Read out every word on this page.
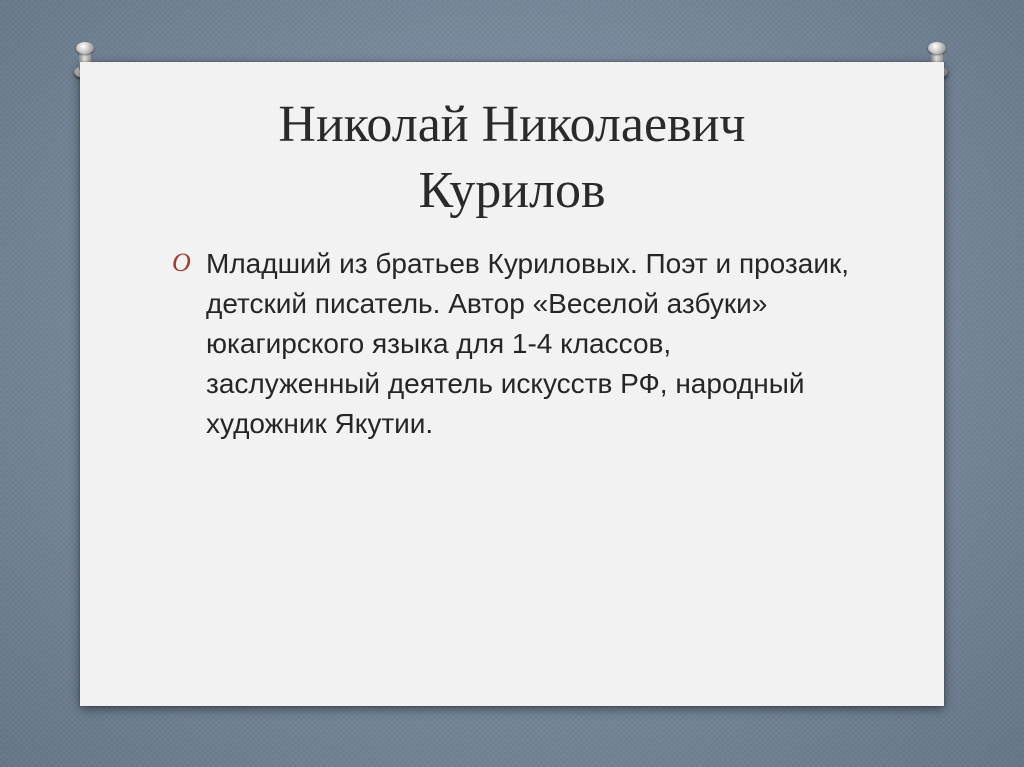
Николай Николаевич
Курилов
O Младший из братьев Куриловых. Поэт и прозаик, детский писатель. Автор «Веселой азбуки» юкагирского языка для 1-4 классов, заслуженный деятель искусств РФ, народный художник Якутии.
